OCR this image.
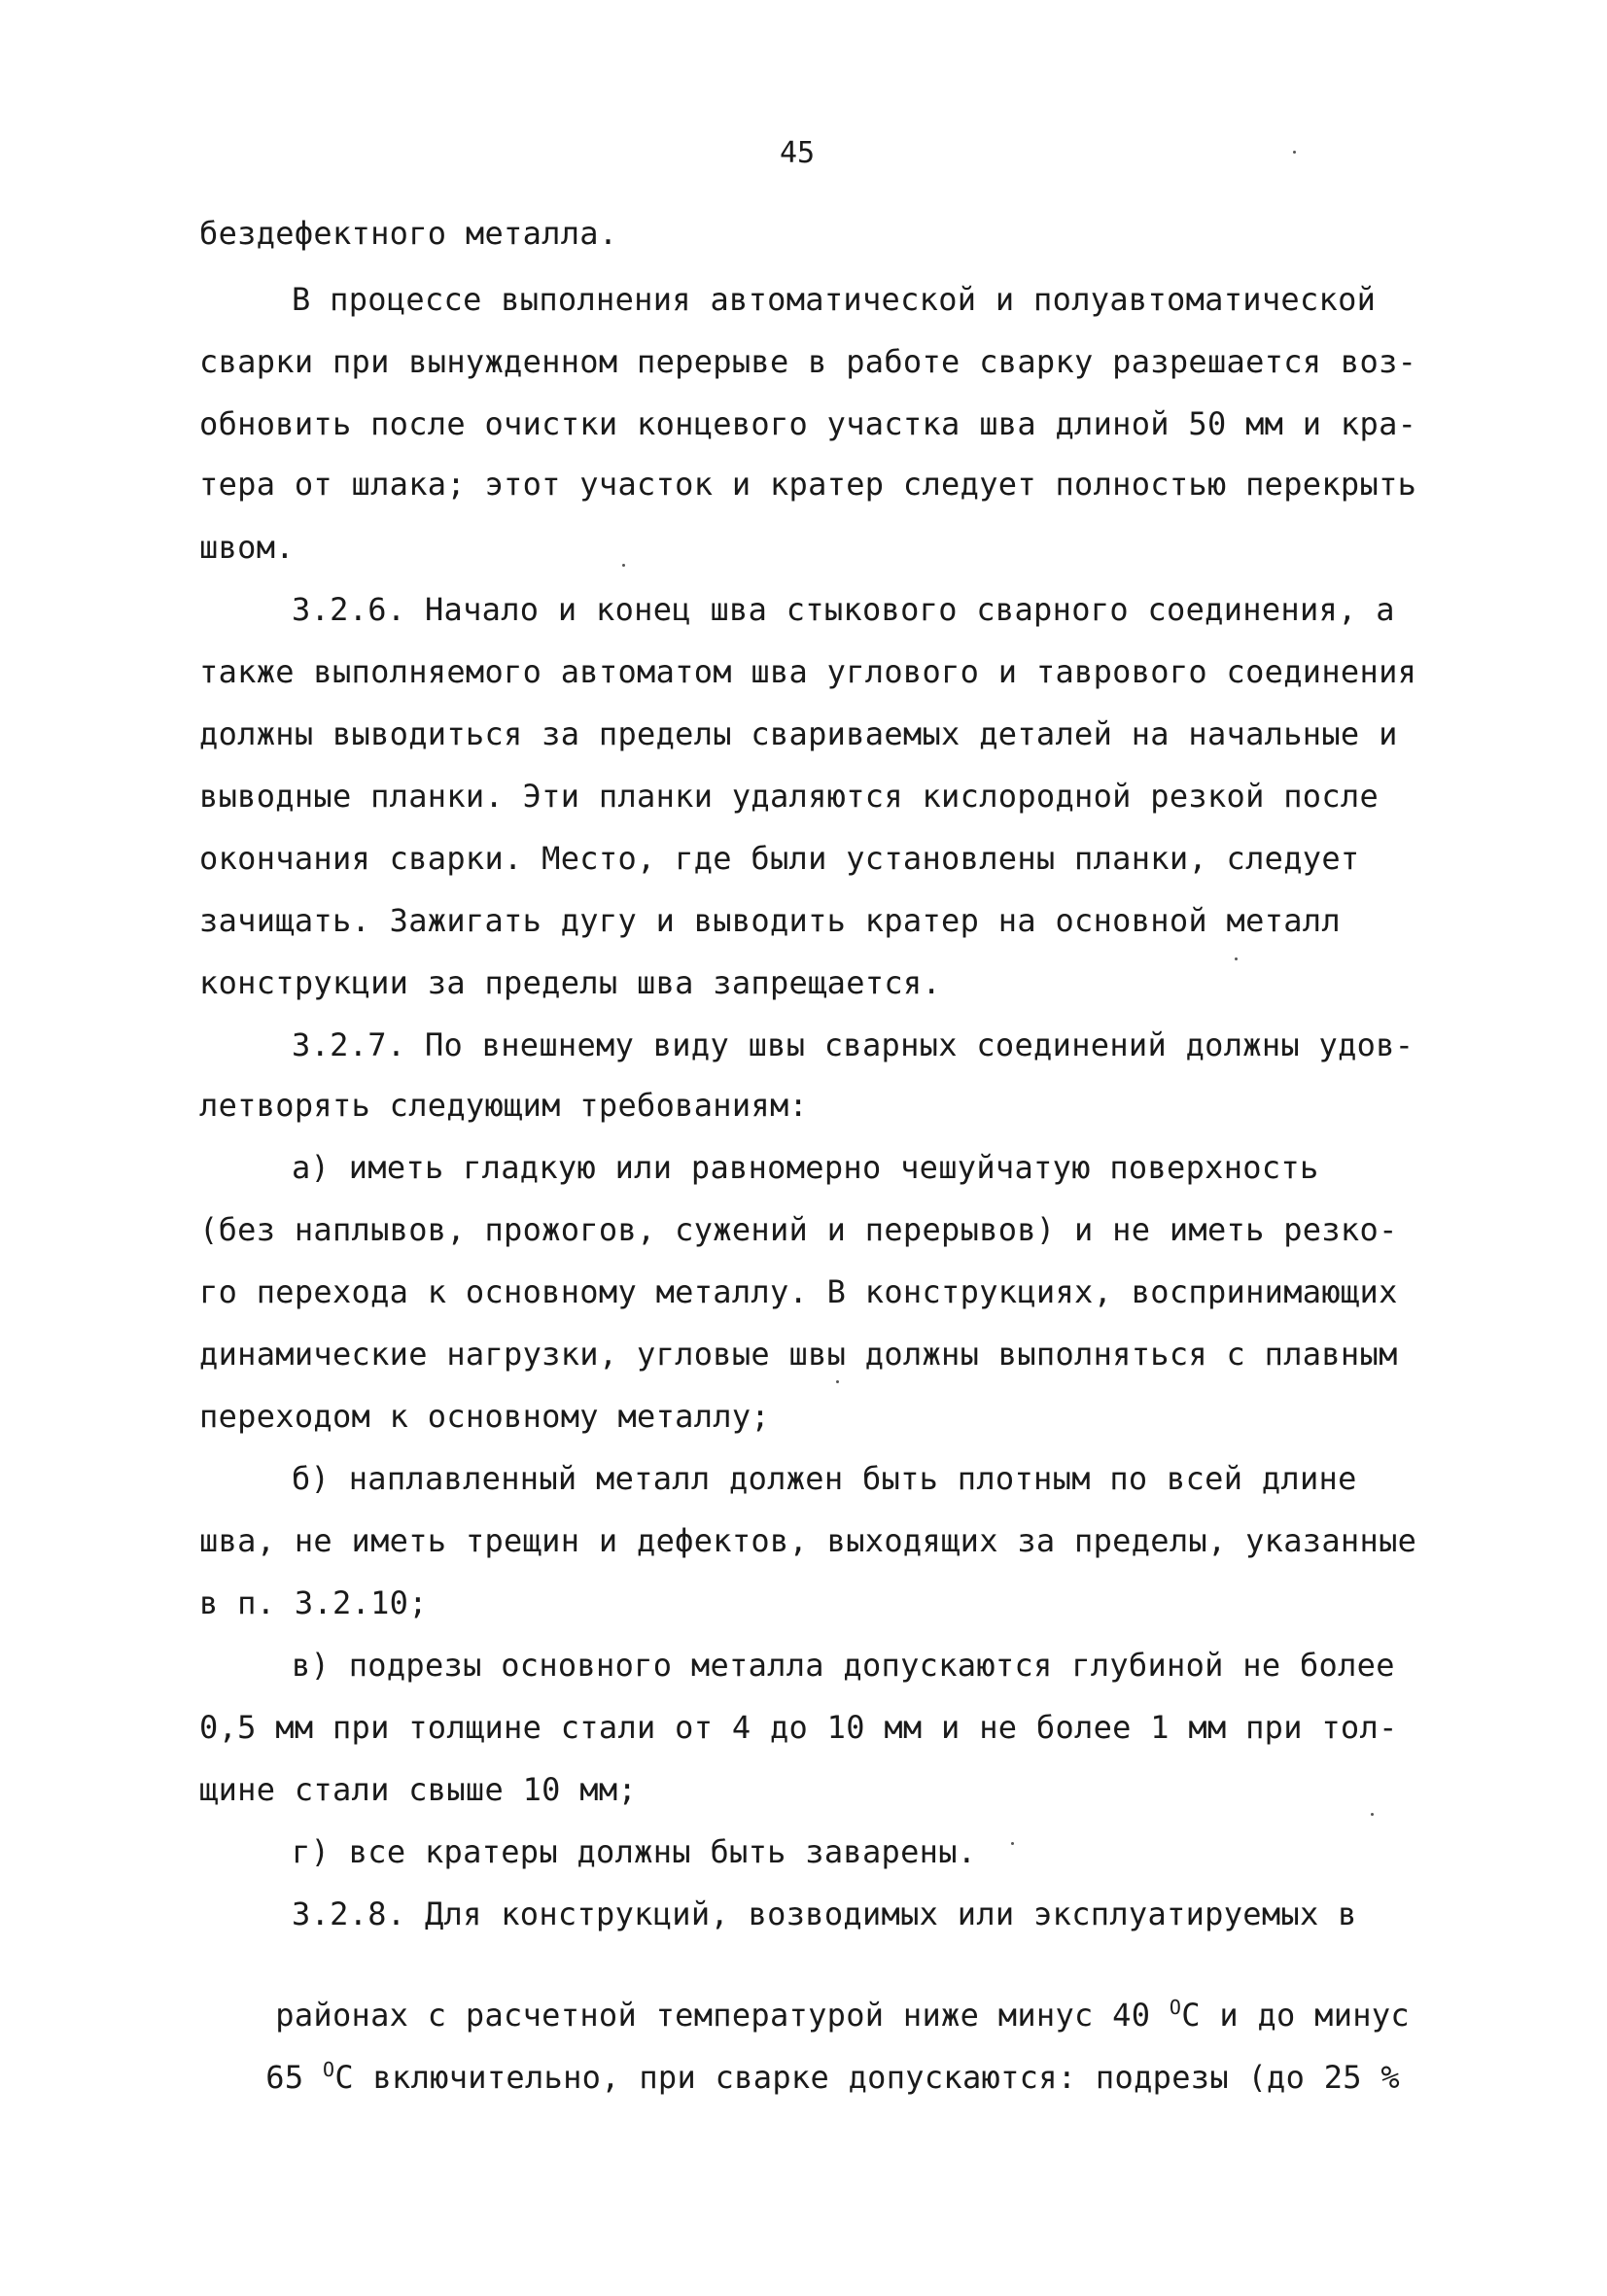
45
бездефектного металла.
В процессе выполнения автоматической и полуавтоматической
сварки при вынужденном перерыве в работе сварку разрешается воз-
обновить после очистки концевого участка шва длиной 50 мм и кра-
тера от шлака; этот участок и кратер следует полностью перекрыть
швом.
3.2.6. Начало и конец шва стыкового сварного соединения, а
также выполняемого автоматом шва углового и таврового соединения
должны выводиться за пределы свариваемых деталей на начальные и
выводные планки. Эти планки удаляются кислородной резкой после
окончания сварки. Место, где были установлены планки, следует
зачищать. Зажигать дугу и выводить кратер на основной металл
конструкции за пределы шва запрещается.
3.2.7. По внешнему виду швы сварных соединений должны удов-
летворять следующим требованиям:
а) иметь гладкую или равномерно чешуйчатую поверхность
(без наплывов, прожогов, сужений и перерывов) и не иметь резко-
го перехода к основному металлу. В конструкциях, воспринимающих
динамические нагрузки, угловые швы должны выполняться с плавным
переходом к основному металлу;
б) наплавленный металл должен быть плотным по всей длине
шва, не иметь трещин и дефектов, выходящих за пределы, указанные
в п. 3.2.10;
в) подрезы основного металла допускаются глубиной не более
0,5 мм при толщине стали от 4 до 10 мм и не более 1 мм при тол-
щине стали свыше 10 мм;
г) все кратеры должны быть заварены.
3.2.8. Для конструкций, возводимых или эксплуатируемых в

районах с расчетной температурой ниже минус 40 $^О$С и до минус

65 $^О$С включительно, при сварке допускаются: подрезы (до 25 %
